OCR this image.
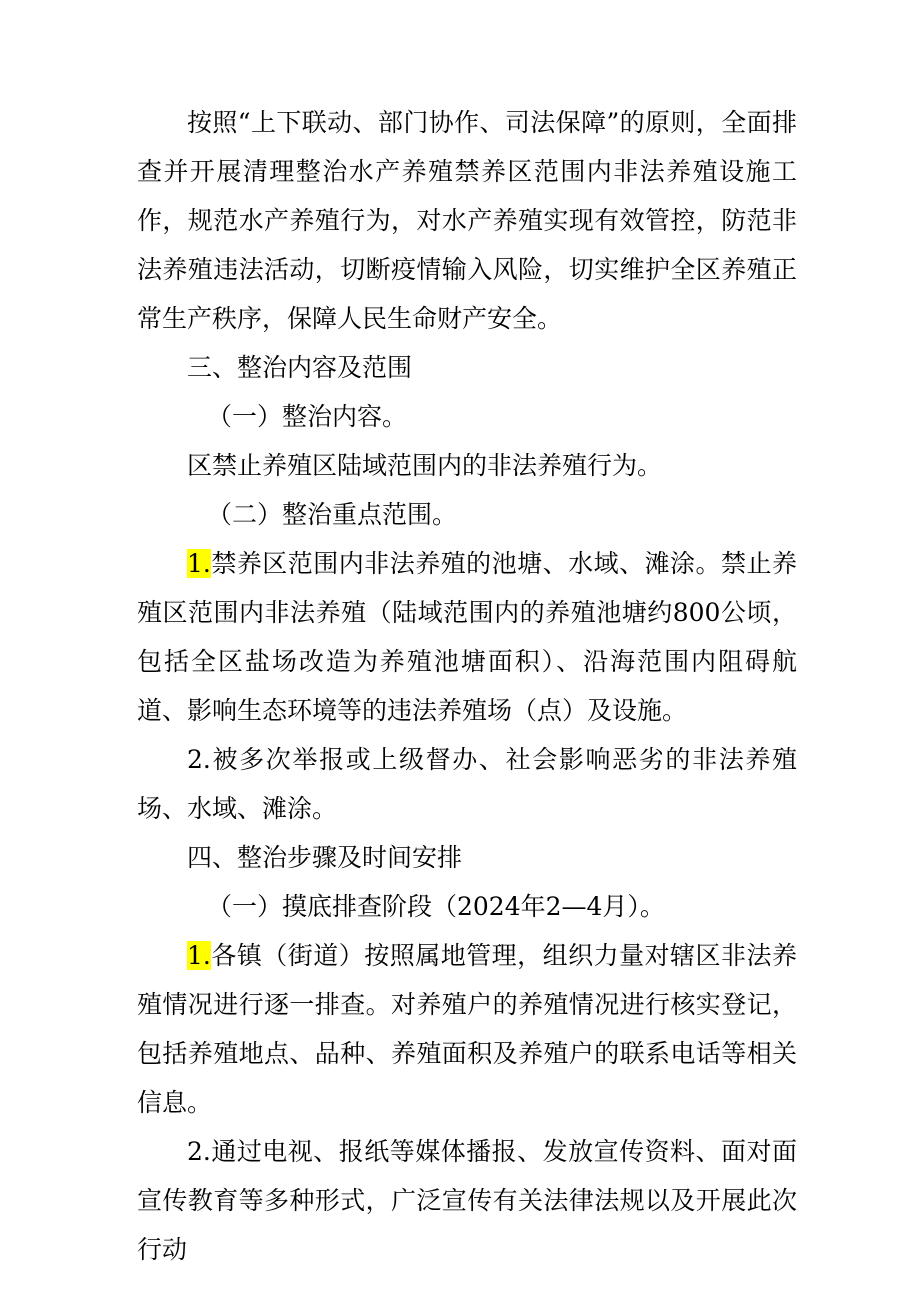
按照“上下联动、部门协作、司法保障”的原则，全面排查并开展清理整治水产养殖禁养区范围内非法养殖设施工作，规范水产养殖行为，对水产养殖实现有效管控，防范非法养殖违法活动，切断疫情输入风险，切实维护全区养殖正常生产秩序，保障人民生命财产安全。

三、整治内容及范围

（一）整治内容。

区禁止养殖区陆域范围内的非法养殖行为。

（二）整治重点范围。

1.禁养区范围内非法养殖的池塘、水域、滩涂。禁止养殖区范围内非法养殖（陆域范围内的养殖池塘约800公顷，包括全区盐场改造为养殖池塘面积）、沿海范围内阻碍航道、影响生态环境等的违法养殖场（点）及设施。

2.被多次举报或上级督办、社会影响恶劣的非法养殖场、水域、滩涂。

四、整治步骤及时间安排

（一）摸底排查阶段（2024年2—4月）。

1.各镇（街道）按照属地管理，组织力量对辖区非法养殖情况进行逐一排查。对养殖户的养殖情况进行核实登记，包括养殖地点、品种、养殖面积及养殖户的联系电话等相关信息。

2.通过电视、报纸等媒体播报、发放宣传资料、面对面宣传教育等多种形式，广泛宣传有关法律法规以及开展此次行动
